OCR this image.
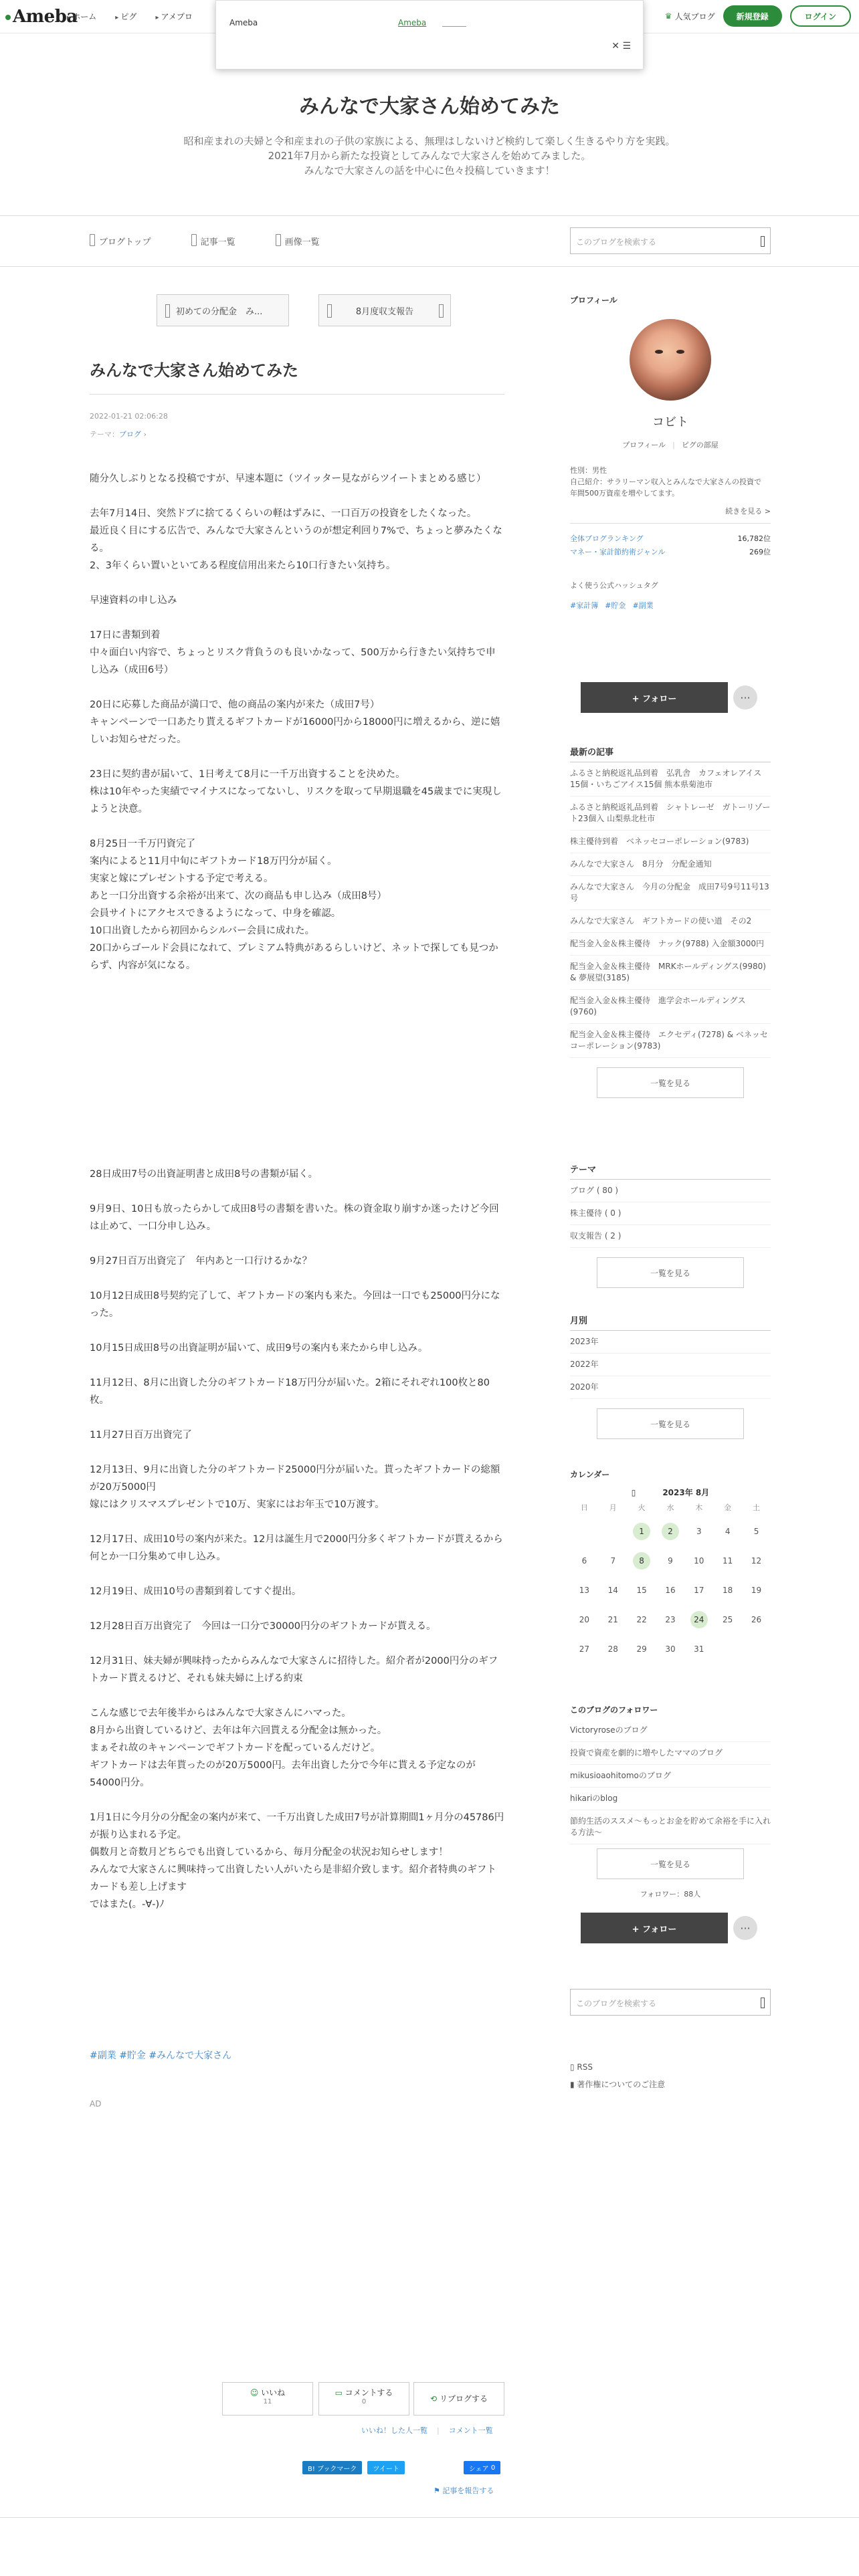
Ameba
▸ ホーム	▸ ピグ	▸ アメプロ	♛ 人気ブログ	新規登録	ログイン
Ameba	Ameba
✕ ☰
みんなで大家さん始めてみた
昭和産まれの夫婦と令和産まれの子供の家族による、無理はしないけど検約して楽しく生きるやり方を実践。
2021年7月から新たな投資としてみんなで大家さんを始めてみました。
みんなで大家さんの話を中心に色々投稿していきます！
ブログトップ	記事一覧	画像一覧	このブログを検索する
初めての分配金　み...	8月度収支報告
みんなで大家さん始めてみた
2022-01-21 02:06:28
テーマ：ブログ ›

随分久しぶりとなる投稿ですが、早速本題に（ツイッター見ながらツイートまとめる感じ）

去年7月14日、突然ドブに捨てるくらいの軽はずみに、一口百万の投資をしたくなった。
最近良く目にする広告で、みんなで大家さんというのが想定利回り7%で、ちょっと夢みたくなる。
2、3年くらい置いといてある程度信用出来たら10口行きたい気持ち。

早速資料の申し込み

17日に書類到着
中々面白い内容で、ちょっとリスク背負うのも良いかなって、500万から行きたい気持ちで申し込み（成田6号）

20日に応募した商品が満口で、他の商品の案内が来た（成田7号）
キャンペーンで一口あたり貰えるギフトカードが16000円から18000円に増えるから、逆に嬉しいお知らせだった。

23日に契約書が届いて、1日考えて8月に一千万出資することを決めた。
株は10年やった実績でマイナスになってないし、リスクを取って早期退職を45歳までに実現しようと決意。

8月25日一千万円資完了
案内によると11月中旬にギフトカード18万円分が届く。
実家と嫁にプレゼントする予定で考える。
あと一口分出資する余裕が出来て、次の商品も申し込み（成田8号）
会員サイトにアクセスできるようになって、中身を確認。
10口出資したから初回からシルバー会員に成れた。
20口からゴールド会員になれて、プレミアム特典があるらしいけど、ネットで探しても見つからず、内容が気になる。

28日成田7号の出資証明書と成田8号の書類が届く。

9月9日、10日も放ったらかして成田8号の書類を書いた。株の資金取り崩すか迷ったけど今回は止めて、一口分申し込み。

9月27日百万出資完了　年内あと一口行けるかな？

10月12日成田8号契約完了して、ギフトカードの案内も来た。今回は一口でも25000円分になった。

10月15日成田8号の出資証明が届いて、成田9号の案内も来たから申し込み。

11月12日、8月に出資した分のギフトカード18万円分が届いた。2箱にそれぞれ100枚と80枚。

11月27日百万出資完了

12月13日、9月に出資した分のギフトカード25000円分が届いた。貰ったギフトカードの総額が20万5000円
嫁にはクリスマスプレゼントで10万、実家にはお年玉で10万渡す。

12月17日、成田10号の案内が来た。12月は誕生月で2000円分多くギフトカードが貰えるから何とか一口分集めて申し込み。

12月19日、成田10号の書類到着してすぐ提出。

12月28日百万出資完了　今回は一口分で30000円分のギフトカードが貰える。

12月31日、妹夫婦が興味持ったからみんなで大家さんに招待した。紹介者が2000円分のギフトカード貰えるけど、それも妹夫婦に上げる約束

こんな感じで去年後半からはみんなで大家さんにハマった。
8月から出資しているけど、去年は年六回貰える分配金は無かった。
まぁそれ故のキャンペーンでギフトカードを配っているんだけど。
ギフトカードは去年貰ったのが20万5000円。去年出資した分で今年に貰える予定なのが54000円分。

1月1日に今月分の分配金の案内が来て、一千万出資した成田7号が計算期間1ヶ月分の45786円が振り込まれる予定。
偶数月と奇数月どちらでも出資しているから、毎月分配金の状況お知らせします！
みんなで大家さんに興味持って出資したい人がいたら是非紹介致します。紹介者特典のギフトカードも差し上げます
ではまた(。-∀-)ﾉ

#副業 #貯金 #みんなで大家さん
AD
☺ いいね
11
▭ コメントする
0	⟲ リブログする
いいね！した人一覧 | コメント一覧
B! ブックマーク	ツイート	シェア
0
⚑ 記事を報告する
プロフィール
コビト
プロフィール | ピグの部屋
性別：男性
自己紹介：サラリーマン収入とみんなで大家さんの投資で年間500万資産を増やしてます。
続きを見る >
全体ブログランキング	16,782位
マネー・家計節約術ジャンル	269位
よく使う公式ハッシュタグ
#家計簿 #貯金 #副業
+ フォロー	···
最新の記事
ふるさと納税返礼品到着　弘乳舎　カフェオレアイス15個・いちごアイス15個 熊本県菊池市
ふるさと納税返礼品到着　シャトレーゼ　ガトーリゾート23個入 山梨県北杜市
株主優待到着　ベネッセコーポレーション(9783)
みんなで大家さん　8月分　分配金通知
みんなで大家さん　今月の分配金　成田7号9号11号13号
みんなで大家さん　ギフトカードの使い道　その2
配当金入金＆株主優待　ナック(9788) 入金額3000円
配当金入金＆株主優待　MRKホールディングス(9980) & 夢展望(3185)
配当金入金＆株主優待　進学会ホールディングス(9760)
配当金入金＆株主優待　エクセディ(7278) & ベネッセコーポレーション(9783)
一覧を見る
テーマ
ブログ ( 80 )
株主優待 ( 0 )
収支報告 ( 2 )
一覧を見る
月別
2023年
2022年
2020年
一覧を見る
カレンダー
▯	2023年 8月
日	月	火	水	木	金	土
		1	2	3	4	5
6	7	8	9	10	11	12
13	14	15	16	17	18	19
20	21	22	23	24	25	26
27	28	29	30	31		
このブログのフォロワー
Victoryroseのブログ
投資で資産を劇的に増やしたママのブログ
mikusioaohitomoのブログ
hikariのblog
節約生活のススメ〜もっとお金を貯めて余裕を手に入れる方法〜
一覧を見る
フォロワー：88人
+ フォロー	···
このブログを検索する
▯ RSS
▮ 著作権についてのご注意
